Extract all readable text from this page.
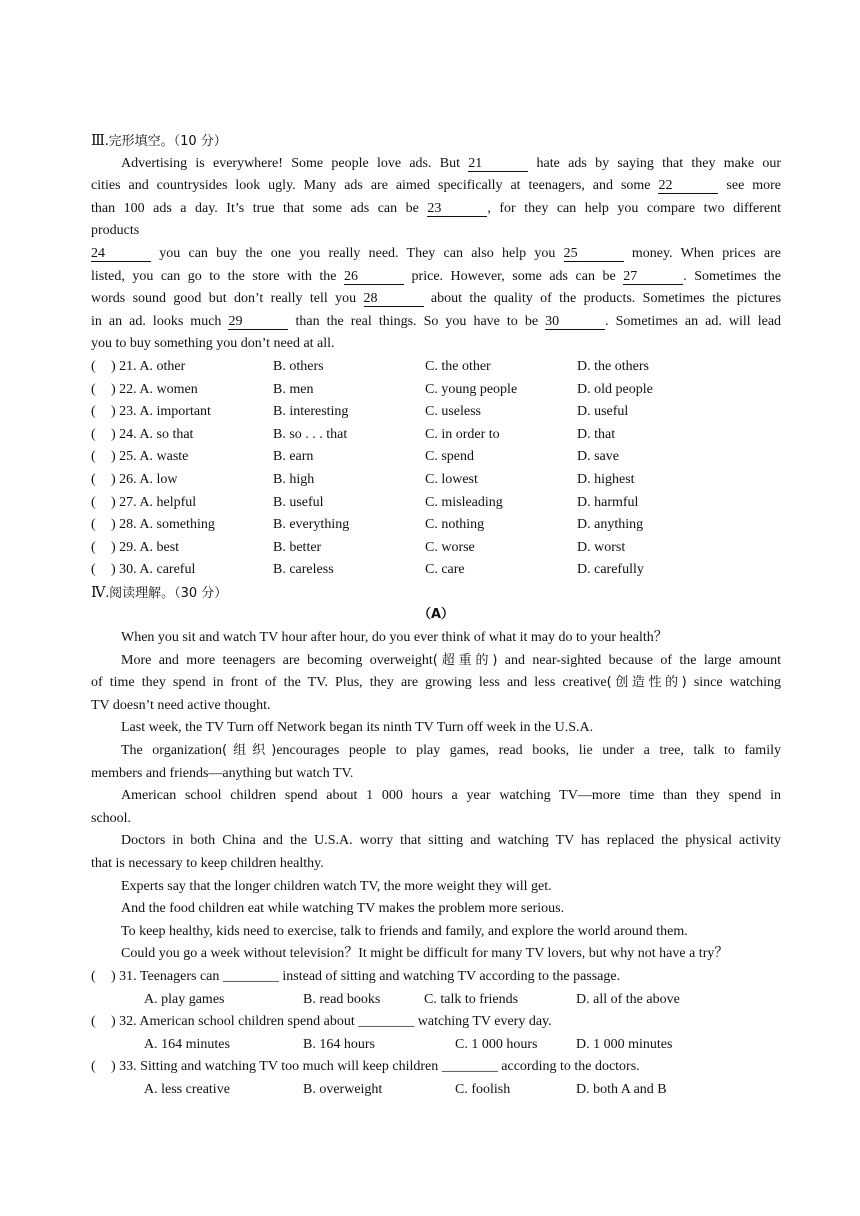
Ⅲ.完形填空。（10 分）
Advertising is everywhere! Some people love ads. But 21	hate ads by saying that they make our
cities and countrysides look ugly. Many ads are aimed specifically at teenagers, and some 22	see more
than 100 ads a day. It’s true that some ads can be 23	, for they can help you compare two different
products
24	you can buy the one you really need. They can also help you 25	money. When prices are
listed, you can go to the store with the 26	price. However, some ads can be 27	. Sometimes the
words sound good but don’t really tell you 28	about the quality of the products. Sometimes the pictures
in an ad. looks much 29	than the real things. So you have to be 30	. Sometimes an ad. will lead
you to buy something you don’t need at all.
(	) 21. A. other	B. others	C. the other	D. the others
(	) 22. A. women	B. men	C. young people	D. old people
(	) 23. A. important	B. interesting	C. useless	D. useful
(	) 24. A. so that	B. so . . . that	C. in order to	D. that
(	) 25. A. waste	B. earn	C. spend	D. save
(	) 26. A. low	B. high	C. lowest	D. highest
(	) 27. A. helpful	B. useful	C. misleading	D. harmful
(	) 28. A. something	B. everything	C. nothing	D. anything
(	) 29. A. best	B. better	C. worse	D. worst
(	) 30. A. careful	B. careless	C. care	D. carefully
Ⅳ.阅读理解。（30 分）
（A）
When you sit and watch TV hour after hour, do you ever think of what it may do to your health？
More and more teenagers are becoming overweight(超重的) and near-sighted because of the large amount
of time they spend in front of the TV. Plus, they are growing less and less creative(创造性的) since watching
TV doesn’t need active thought.
Last week, the TV Turn off Network began its ninth TV Turn off week in the U.S.A.
The organization(组织)encourages people to play games, read books, lie under a tree, talk to family
members and friends—anything but watch TV.
American school children spend about 1 000 hours a year watching TV—more time than they spend in
school.
Doctors in both China and the U.S.A. worry that sitting and watching TV has replaced the physical activity
that is necessary to keep children healthy.
Experts say that the longer children watch TV, the more weight they will get.
And the food children eat while watching TV makes the problem more serious.
To keep healthy, kids need to exercise, talk to friends and family, and explore the world around them.
Could you go a week without television？It might be difficult for many TV lovers, but why not have a try？
(	) 31. Teenagers can ________ instead of sitting and watching TV according to the passage.
A. play games	B. read books	C. talk to friends	D. all of the above
(	) 32. American school children spend about ________ watching TV every day.
A. 164 minutes	B. 164 hours	C. 1 000 hours	D. 1 000 minutes
(	) 33. Sitting and watching TV too much will keep children ________ according to the doctors.
A. less creative	B. overweight	C. foolish	D. both A and B
